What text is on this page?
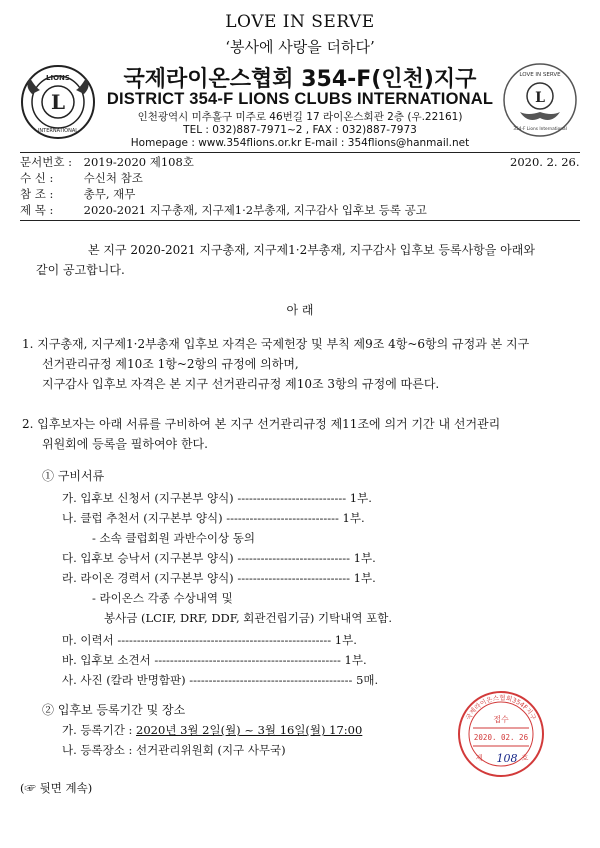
LOVE IN SERVE
‘봉사에 사랑을 더하다’
L
LIONS
INTERNATIONAL
L
LOVE IN SERVE
354-F Lions International
국제라이온스협회 354-F(인천)지구
DISTRICT 354-F LIONS CLUBS INTERNATIONAL
인천광역시 미추홀구 미주로 46번길 17 라이온스회관 2층 (우.22161)
TEL : 032)887-7971~2 , FAX : 032)887-7973
Homepage : www.354flions.or.kr E-mail : 354flions@hanmail.net
문서번호 : 2019-2020 제108호	2020. 2. 26.
수 신 :	수신처 참조
참 조 :	총무, 재무
제 목 :	2020-2021 지구총재, 지구제1·2부총재, 지구감사 입후보 등록 공고
본 지구 2020-2021 지구총재, 지구제1·2부총재, 지구감사 입후보 등록사항을 아래와
같이 공고합니다.
아 래
1. 지구총재, 지구제1·2부총재 입후보 자격은 국제헌장 및 부칙 제9조 4항~6항의 규정과 본 지구
선거관리규정 제10조 1항~2항의 규정에 의하며,
지구감사 입후보 자격은 본 지구 선거관리규정 제10조 3항의 규정에 따른다.
2. 입후보자는 아래 서류를 구비하여 본 지구 선거관리규정 제11조에 의거 기간 내 선거관리
위원회에 등록을 필하여야 한다.
① 구비서류
가. 입후보 신청서 (지구본부 양식) ---------------------------- 1부.
나. 클럽 추천서 (지구본부 양식) ----------------------------- 1부.
- 소속 클럽회원 과반수이상 동의
다. 입후보 승낙서 (지구본부 양식) ----------------------------- 1부.
라. 라이온 경력서 (지구본부 양식) ----------------------------- 1부.
- 라이온스 각종 수상내역 및
봉사금 (LCIF, DRF, DDF, 회관건립기금) 기탁내역 포함.
마. 이력서 ------------------------------------------------------- 1부.
바. 입후보 소견서 ------------------------------------------------ 1부.
사. 사진 (칼라 반명함판) ------------------------------------------ 5매.
② 입후보 등록기간 및 장소
가. 등록기간 : 2020년 3월 2일(월) ~ 3월 16일(월) 17:00
나. 등록장소 : 선거관리위원회 (지구 사무국)
(☞ 뒷면 계속)
국제라이온스협회354F지구
접수
2020. 02. 26
제 108 호
